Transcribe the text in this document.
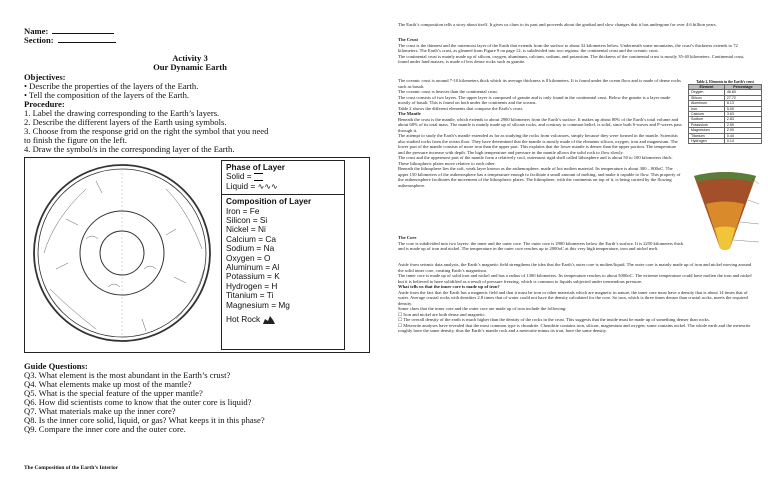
Name:
Section:
Activity 3
Our Dynamic Earth
Objectives:
• Describe the properties of the layers of the Earth.
• Tell the composition of the layers of the Earth.
Procedure:
1. Label the drawing corresponding to the Earth’s layers.
2. Describe the different layers of the Earth using symbols.
3. Choose from the response grid on the right the symbol that you need
to finish the figure on the left.
4. Draw the symbol/s in the corresponding layer of the Earth.
Phase of Layer
Solid =
Liquid = ∿∿∿
Composition of Layer
Iron = Fe
Silicon = Si
Nickel = Ni
Calcium = Ca
Sodium = Na
Oxygen = O
Aluminum = Al
Potassium = K
Hydrogen = H
Titanium = Ti
Magnesium = Mg
Hot Rock
Guide Questions:
Q3. What element is the most abundant in the Earth’s crust?
Q4. What elements make up most of the mantle?
Q5. What is the special feature of the upper mantle?
Q6. How did scientists come to know that the outer core is liquid?
Q7. What materials make up the inner core?
Q8. Is the inner core solid, liquid, or gas? What keeps it in this phase?
Q9. Compare the inner core and the outer core.
The Composition of the Earth’s Interior
The Earth’s composition tells a story about itself. It gives us clues to its past and proceeds about the gradual and slow changes that it has undergone for over 4.6 billion years.
The Crust
The crust is the thinnest and the outermost layer of the Earth that extends from the surface to about 32 kilometers below. Underneath some mountains, the crust’s thickness extends to 72 kilometers. The Earth’s crust, as gleaned from Figure 9 on page 12, is subdivided into two regions: the continental crust and the oceanic crust.
The continental crust is mainly made up of silicon, oxygen, aluminum, calcium, sodium, and potassium. The thickness of the continental crust is mostly 35-40 kilometers. Continental crust, found under land masses, is made of less dense rocks such as granite.
The oceanic crust is around 7-10 kilometers thick which its average thickness is 8 kilometers. It is found under the ocean floor and is made of dense rocks such as basalt.
The oceanic crust is heavier than the continental crust.
The crust consists of two layers. The upper layer is composed of granite and is only found in the continental crust. Below the granite is a layer made mostly of basalt. This is found on both under the continents and the oceans.
Table 2 shows the different elements that compose the Earth’s crust.
The Mantle
Beneath the crust is the mantle, which extends to about 2900 kilometers from the Earth’s surface. It makes up about 80% of the Earth’s total volume and about 68% of its total mass. The mantle is mainly made up of silicate rocks, and contrary to common belief, is solid, since both S-waves and P-waves pass through it.
The attempt to study the Earth’s mantle extended as far as studying the rocks from volcanoes, simply because they were formed in the mantle. Scientists also studied rocks from the ocean floor. They have determined that the mantle is mostly made of the elements silicon, oxygen, iron and magnesium. The lower part of the mantle consists of more iron than the upper part. This explains that the lower mantle is denser than the upper portion. The temperature and the pressure increase with depth. The high temperature and pressure in the mantle allows the solid rock to flow slowly.
The crust and the uppermost part of the mantle form a relatively cool, outermost rigid shell called lithosphere and is about 50 to 100 kilometers thick.
These lithospheric plates move relative to each other.
Beneath the lithosphere lies the soft, weak layer known as the asthenosphere, made of hot molten material. Its temperature is about 300 – 800oC. The upper 150 kilometers of the asthenosphere has a temperature enough to facilitate a small amount of melting, and make it capable to flow. This property of the asthenosphere facilitates the movement of the lithospheric plates. The lithosphere, with the continents on top of it, is being carried by the flowing asthenosphere.
Table 2. Elements in the Earth’s crust
Element	Percentage
Oxygen	46.60
Silicon	27.72
Aluminum	8.13
Iron	5.00
Calcium	3.63
Sodium	2.83
Potassium	2.59
Magnesium	2.09
Titanium	0.44
Hydrogen	0.14
The Core
The core is subdivided into two layers: the inner and the outer core. The outer core is 2900 kilometers below the Earth’s surface. It is 2250 kilometers thick and is made up of iron and nickel. The temperature in the outer core reaches up to 2000oC at this very high temperature, iron and nickel melt.
Aside from seismic data analysis, the Earth’s magnetic field strengthens the idea that the Earth’s outer core is molten/liquid. The outer core is mainly made up of iron and nickel moving around the solid inner core, creating Earth’s magnetism.
The inner core is made up of solid iron and nickel and has a radius of 1300 kilometers. Its temperature reaches to about 5000oC. The extreme temperature could have molten the iron and nickel but it is believed to have solidified as a result of pressure freezing, which is common to liquids subjected under tremendous pressure.
What tells us that the inner core is made up of iron?
Aside from the fact that the Earth has a magnetic field and that it must be iron or other materials which are magnetic in nature, the inner core must have a density that is about 14 times that of water. Average crustal rocks with densities 2.8 times that of water could not have the density calculated for the core. So iron, which is three times denser than crustal rocks, meets the required density.
Some clues that the inner core and the outer core are made up of iron include the following:
☐ Iron and nickel are both dense and magnetic.
☐ The overall density of the earth is much higher than the density of the rocks in the crust. This suggests that the inside must be made up of something denser than rocks.
☐ Meteorite analyses have revealed that the most common type is chondrite. Chondrite contains iron, silicon, magnesium and oxygen; some contains nickel. The whole earth and the meteorite roughly have the same density, thus the Earth’s mantle rock and a meteorite minus its iron, have the same density.
